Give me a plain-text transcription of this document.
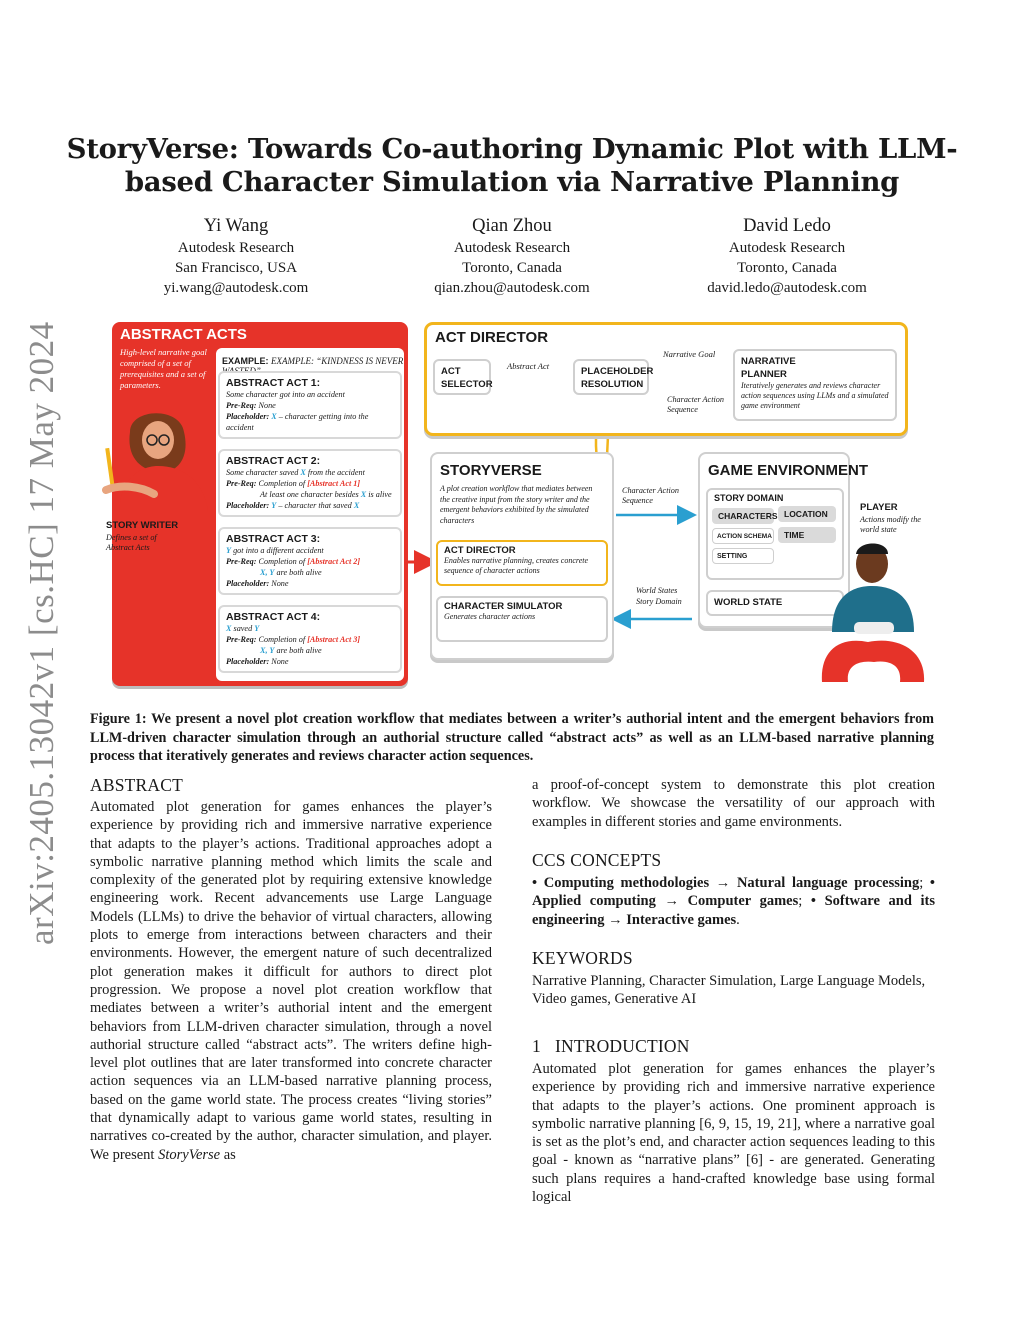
arXiv:2405.13042v1 [cs.HC] 17 May 2024
StoryVerse: Towards Co-authoring Dynamic Plot with LLM-based Character Simulation via Narrative Planning
Yi Wang
Autodesk Research
San Francisco, USA
yi.wang@autodesk.com
Qian Zhou
Autodesk Research
Toronto, Canada
qian.zhou@autodesk.com
David Ledo
Autodesk Research
Toronto, Canada
david.ledo@autodesk.com
ABSTRACT ACTS
High-level narrative goal comprised of a set of prerequisites and a set of parameters.
EXAMPLE: EXAMPLE: “KINDNESS IS NEVER
ABSTRACT ACT 1:
Some character got into an accident
Pre-Req: None
Placeholder: X – character getting into the accident
ABSTRACT ACT 2:
Some character saved X from the accident
Pre-Req: Completion of [Abstract Act 1]
At least one character besides X is alive
Placeholder: Y – character that saved X
ABSTRACT ACT 3:
Y got into a different accident
Pre-Req: Completion of [Abstract Act 2]
X, Y are both alive
Placeholder: None
ABSTRACT ACT 4:
X saved Y
Pre-Req: Completion of [Abstract Act 3]
X, Y are both alive
Placeholder: None
STORY WRITER
Defines a set of Abstract Acts
ACT DIRECTOR
ACT SELECTOR
Abstract Act	PLACEHOLDER RESOLUTION
Narrative Goal
Character Action Sequence
NARRATIVE PLANNER
Iteratively generates and reviews character action sequences using LLMs and a simulated game environment
STORYVERSE
A plot creation workflow that mediates between the creative input from the story writer and the emergent behaviors exhibited by the simulated characters
ACT DIRECTOR
Enables narrative planning, creates concrete sequence of character actions
CHARACTER SIMULATOR
Generates character actions
Character Action Sequence
World States
Story Domain
GAME ENVIRONMENT
STORY DOMAIN
CHARACTERS LOCATION
ACTION SCHEMA	TIME
SETTING
WORLD STATE
PLAYER
Actions modify the world state
Figure 1: We present a novel plot creation workflow that mediates between a writer’s authorial intent and the emergent behaviors from LLM-driven character simulation through an authorial structure called “abstract acts” as well as an LLM-based narrative planning process that iteratively generates and reviews character action sequences.
ABSTRACT
Automated plot generation for games enhances the player’s experience by providing rich and immersive narrative experience that adapts to the player’s actions. Traditional approaches adopt a symbolic narrative planning method which limits the scale and complexity of the generated plot by requiring extensive knowledge engineering work. Recent advancements use Large Language Models (LLMs) to drive the behavior of virtual characters, allowing plots to emerge from interactions between characters and their environments. However, the emergent nature of such decentralized plot generation makes it difficult for authors to direct plot progression. We propose a novel plot creation workflow that mediates between a writer’s authorial intent and the emergent behaviors from LLM-driven character simulation, through a novel authorial structure called “abstract acts”. The writers define high-level plot outlines that are later transformed into concrete character action sequences via an LLM-based narrative planning process, based on the game world state. The process creates “living stories” that dynamically adapt to various game world states, resulting in narratives co-created by the author, character simulation, and player. We present StoryVerse as
a proof-of-concept system to demonstrate this plot creation workflow. We showcase the versatility of our approach with examples in different stories and game environments.
CCS CONCEPTS
• Computing methodologies → Natural language processing; • Applied computing → Computer games; • Software and its engineering → Interactive games.
KEYWORDS
Narrative Planning, Character Simulation, Large Language Models, Video games, Generative AI
1 INTRODUCTION
Automated plot generation for games enhances the player’s experience by providing rich and immersive narrative experience that adapts to the player’s actions. One prominent approach is symbolic narrative planning [6, 9, 15, 19, 21], where a narrative goal is set as the plot’s end, and character action sequences leading to this goal - known as “narrative plans” [6] - are generated. Generating such plans requires a hand-crafted knowledge base using formal logical
